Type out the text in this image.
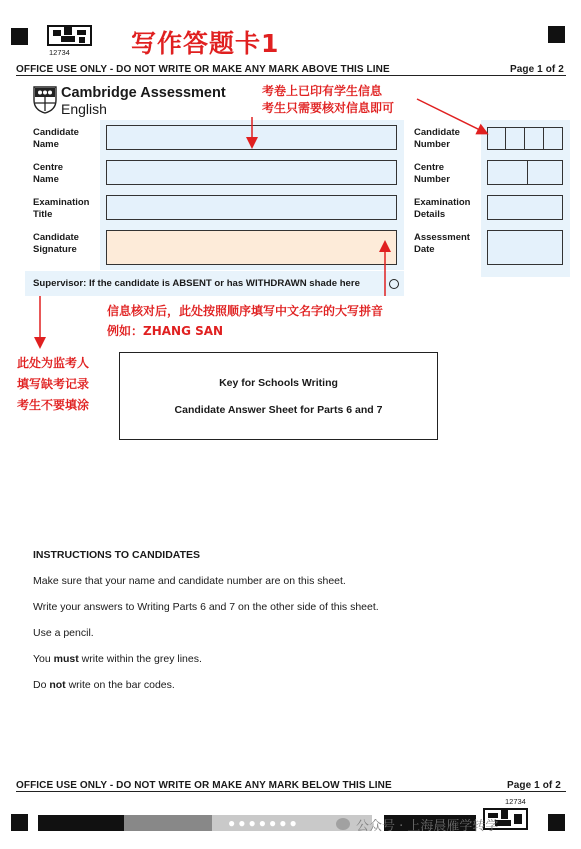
12734 写作答题卡1
OFFICE USE ONLY - DO NOT WRITE OR MAKE ANY MARK ABOVE THIS LINE	Page 1 of 2
Cambridge Assessment
English
Candidate Name
Centre Name
Examination Title
Candidate Signature
Candidate Number
Centre Number
Examination Details
Assessment Date
Supervisor: If the candidate is ABSENT or has WITHDRAWN shade here
考卷上已印有学生信息
考生只需要核对信息即可
信息核对后，此处按照顺序填写中文名字的大写拼音
例如：ZHANG SAN
此处为监考人
填写缺考记录
考生不要填涂
Key for Schools Writing
Candidate Answer Sheet for Parts 6 and 7
INSTRUCTIONS TO CANDIDATES
Make sure that your name and candidate number are on this sheet.
Write your answers to Writing Parts 6 and 7 on the other side of this sheet.
Use a pencil.
You must write within the grey lines.
Do not write on the bar codes.
OFFICE USE ONLY - DO NOT WRITE OR MAKE ANY MARK BELOW THIS LINE	Page 1 of 2
12734
●●●●●●●	公众号 · 上海晨雁学转学
